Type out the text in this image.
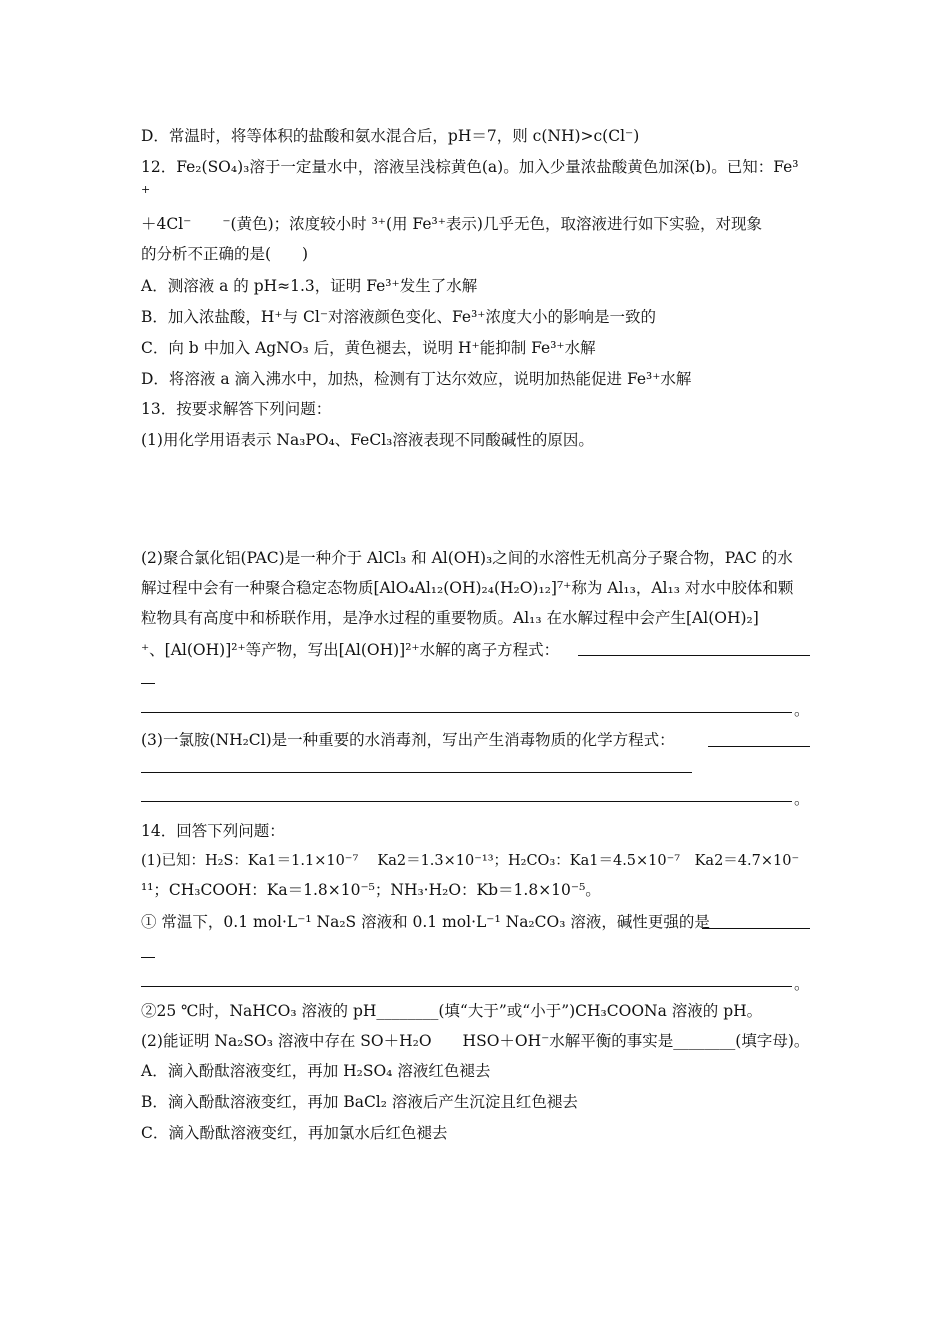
D．常温时，将等体积的盐酸和氨水混合后，pH＝7，则 c(NH)>c(Cl⁻)
12．Fe₂(SO₄)₃溶于一定量水中，溶液呈浅棕黄色(a)。加入少量浓盐酸黄色加深(b)。已知：Fe³
+
＋4Cl⁻　　⁻(黄色)；浓度较小时 ³⁺(用 Fe³⁺表示)几乎无色，取溶液进行如下实验，对现象
的分析不正确的是(　　)
A．测溶液 a 的 pH≈1.3，证明 Fe³⁺发生了水解
B．加入浓盐酸，H⁺与 Cl⁻对溶液颜色变化、Fe³⁺浓度大小的影响是一致的
C．向 b 中加入 AgNO₃ 后，黄色褪去，说明 H⁺能抑制 Fe³⁺水解
D．将溶液 a 滴入沸水中，加热，检测有丁达尔效应，说明加热能促进 Fe³⁺水解
13．按要求解答下列问题：
(1)用化学用语表示 Na₃PO₄、FeCl₃溶液表现不同酸碱性的原因。
(2)聚合氯化铝(PAC)是一种介于 AlCl₃ 和 Al(OH)₃之间的水溶性无机高分子聚合物，PAC 的水
解过程中会有一种聚合稳定态物质[AlO₄Al₁₂(OH)₂₄(H₂O)₁₂]⁷⁺称为 Al₁₃，Al₁₃ 对水中胶体和颗
粒物具有高度中和桥联作用，是净水过程的重要物质。Al₁₃ 在水解过程中会产生[Al(OH)₂]
⁺、[Al(OH)]²⁺等产物，写出[Al(OH)]²⁺水解的离子方程式：
。
(3)一氯胺(NH₂Cl)是一种重要的水消毒剂，写出产生消毒物质的化学方程式：
。
14．回答下列问题：
(1)已知：H₂S：Ka1＝1.1×10⁻⁷　 Ka2＝1.3×10⁻¹³；H₂CO₃：Ka1＝4.5×10⁻⁷　Ka2＝4.7×10⁻
¹¹；CH₃COOH：Ka＝1.8×10⁻⁵；NH₃·H₂O：Kb＝1.8×10⁻⁵。
① 常温下，0.1 mol·L⁻¹ Na₂S 溶液和 0.1 mol·L⁻¹ Na₂CO₃ 溶液，碱性更强的是
。
②25 ℃时，NaHCO₃ 溶液的 pH________(填“大于”或“小于”)CH₃COONa 溶液的 pH。
(2)能证明 Na₂SO₃ 溶液中存在 SO＋H₂O　　HSO＋OH⁻水解平衡的事实是________(填字母)。
A．滴入酚酞溶液变红，再加 H₂SO₄ 溶液红色褪去
B．滴入酚酞溶液变红，再加 BaCl₂ 溶液后产生沉淀且红色褪去
C．滴入酚酞溶液变红，再加氯水后红色褪去
